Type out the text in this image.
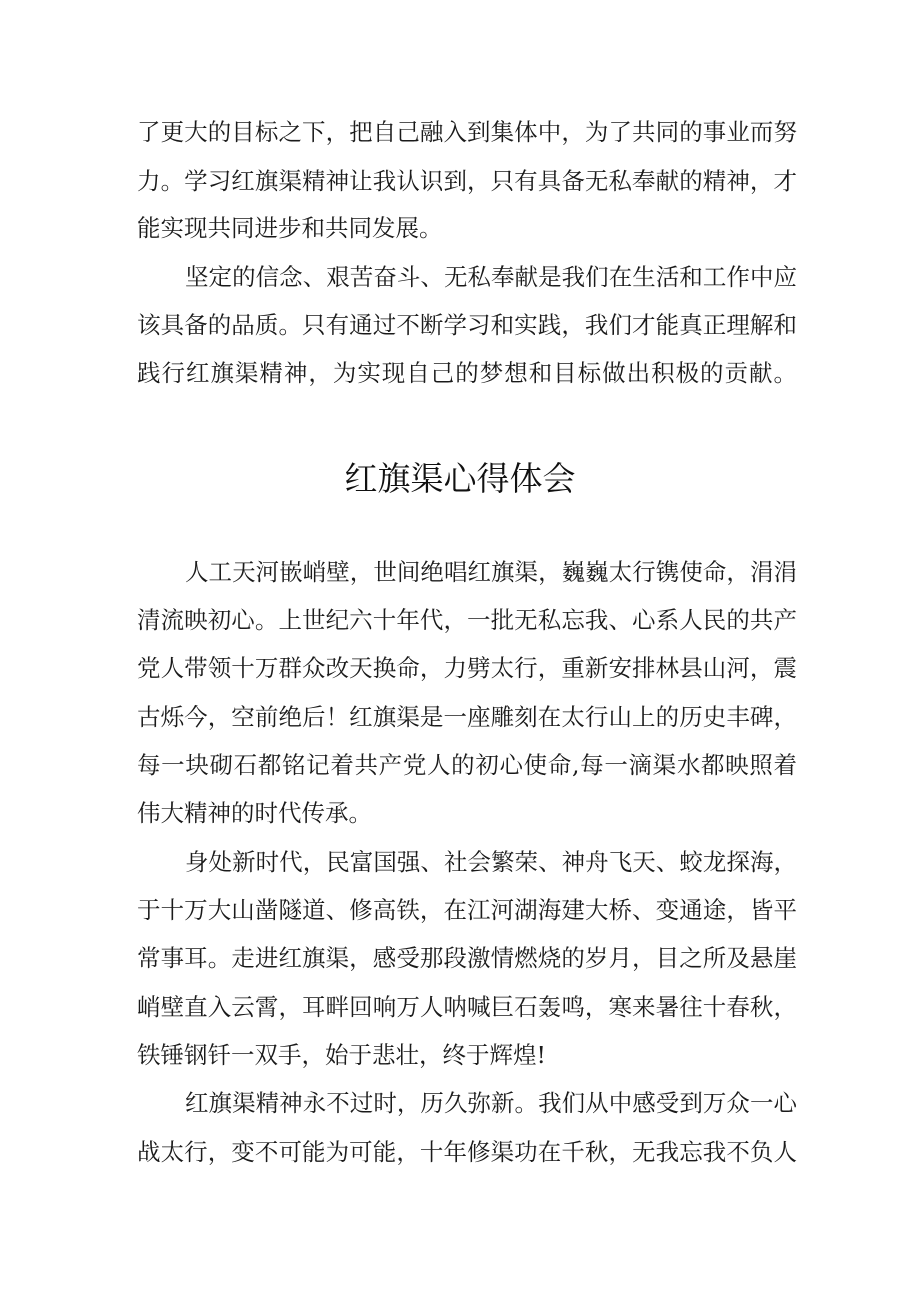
了更大的目标之下，把自己融入到集体中，为了共同的事业而努
力。学习红旗渠精神让我认识到，只有具备无私奉献的精神，才
能实现共同进步和共同发展。
坚定的信念、艰苦奋斗、无私奉献是我们在生活和工作中应
该具备的品质。只有通过不断学习和实践，我们才能真正理解和
践行红旗渠精神，为实现自己的梦想和目标做出积极的贡献。
红旗渠心得体会
人工天河嵌峭壁，世间绝唱红旗渠，巍巍太行镌使命，涓涓
清流映初心。上世纪六十年代，一批无私忘我、心系人民的共产
党人带领十万群众改天换命，力劈太行，重新安排林县山河，震
古烁今，空前绝后！红旗渠是一座雕刻在太行山上的历史丰碑，
每一块砌石都铭记着共产党人的初心使命,每一滴渠水都映照着
伟大精神的时代传承。
身处新时代，民富国强、社会繁荣、神舟飞天、蛟龙探海，
于十万大山凿隧道、修高铁，在江河湖海建大桥、变通途，皆平
常事耳。走进红旗渠，感受那段激情燃烧的岁月，目之所及悬崖
峭壁直入云霄，耳畔回响万人呐喊巨石轰鸣，寒来暑往十春秋，
铁锤钢钎一双手，始于悲壮，终于辉煌!
红旗渠精神永不过时，历久弥新。我们从中感受到万众一心
战太行，变不可能为可能，十年修渠功在千秋，无我忘我不负人
